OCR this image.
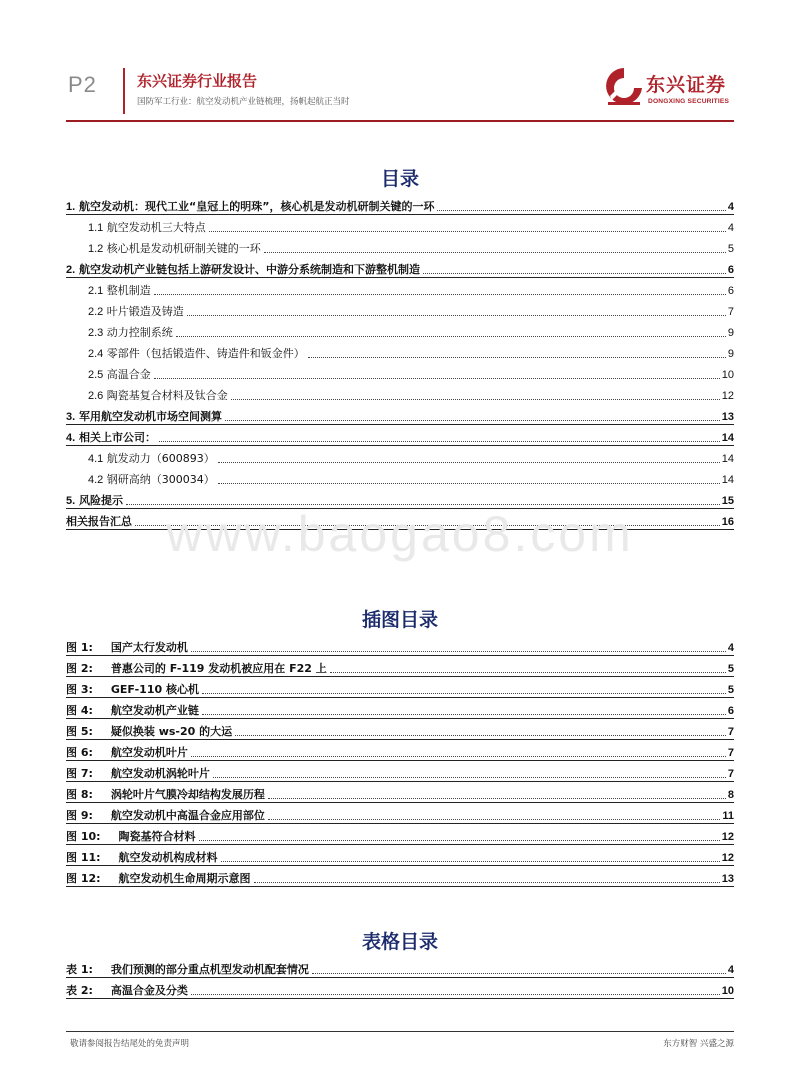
P2	东兴证券行业报告
国防军工行业：航空发动机产业链梳理，扬帆起航正当时
东兴证券
DONGXING SECURITIES
目录
1. 航空发动机：现代工业“皇冠上的明珠”，核心机是发动机研制关键的一环	4
1.1 航空发动机三大特点	4
1.2 核心机是发动机研制关键的一环	5
2. 航空发动机产业链包括上游研发设计、中游分系统制造和下游整机制造	6
2.1 整机制造	6
2.2 叶片锻造及铸造	7
2.3 动力控制系统	9
2.4 零部件（包括锻造件、铸造件和钣金件）	9
2.5 高温合金	10
2.6 陶瓷基复合材料及钛合金	12
3. 军用航空发动机市场空间测算	13
4. 相关上市公司：	14
4.1 航发动力（600893）	14
4.2 钢研高纳（300034）	14
5. 风险提示	15
相关报告汇总	16
www.baogao8.com
插图目录
图 1: 国产太行发动机	4
图 2: 普惠公司的 F-119 发动机被应用在 F22 上	5
图 3: GEF-110 核心机	5
图 4: 航空发动机产业链	6
图 5: 疑似换装 ws-20 的大运	7
图 6: 航空发动机叶片	7
图 7: 航空发动机涡轮叶片	7
图 8: 涡轮叶片气膜冷却结构发展历程	8
图 9: 航空发动机中高温合金应用部位	11
图 10: 陶瓷基符合材料	12
图 11: 航空发动机构成材料	12
图 12: 航空发动机生命周期示意图	13
表格目录
表 1: 我们预测的部分重点机型发动机配套情况	4
表 2: 高温合金及分类	10
敬请参阅报告结尾处的免责声明	东方财智 兴盛之源
